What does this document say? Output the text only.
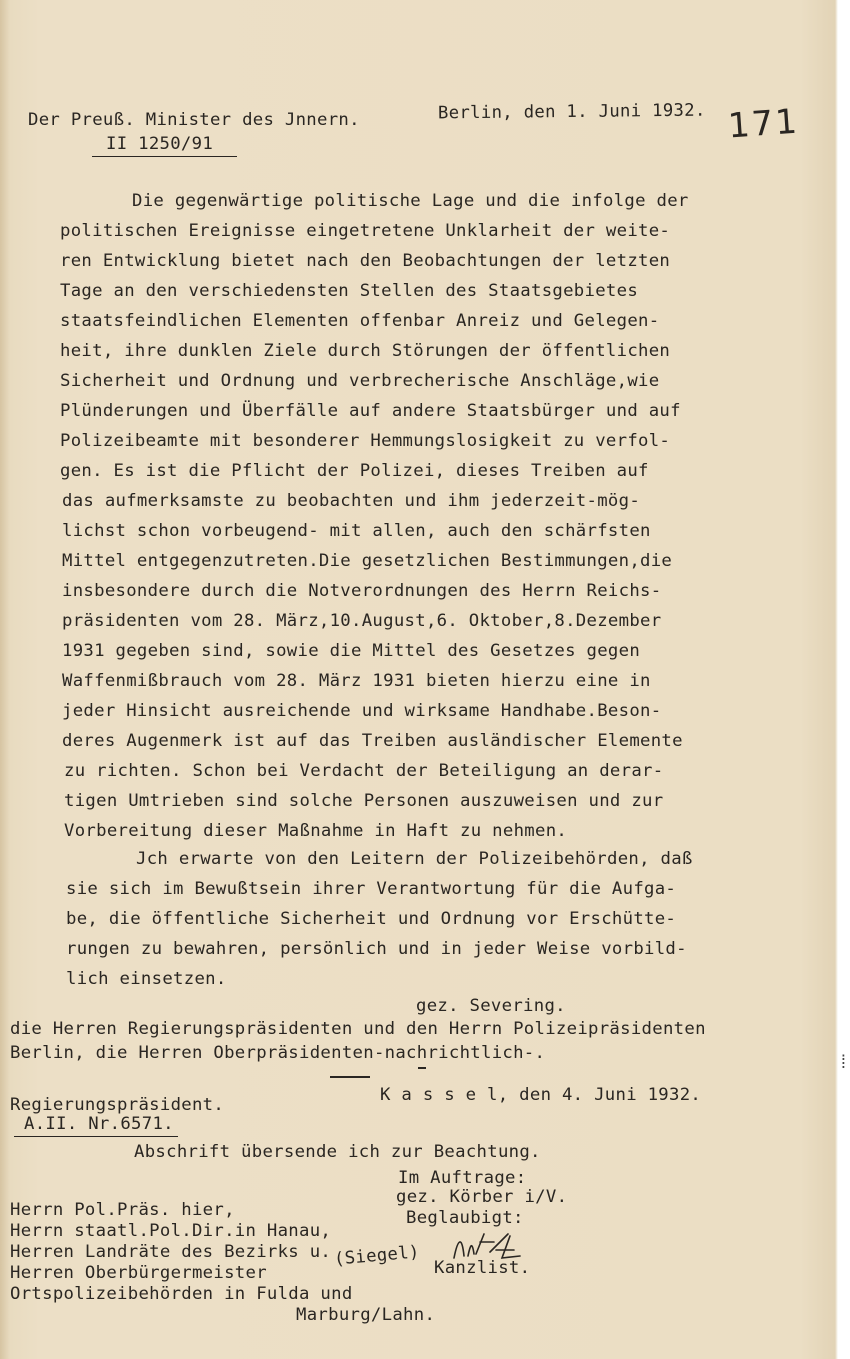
Der Preuß. Minister des Jnnern.	Berlin, den 1. Juni 1932. 171
II 1250/91
Die gegenwärtige politische Lage und die infolge der
politischen Ereignisse eingetretene Unklarheit der weite-
ren Entwicklung bietet nach den Beobachtungen der letzten
Tage an den verschiedensten Stellen des Staatsgebietes
staatsfeindlichen Elementen offenbar Anreiz und Gelegen-
heit, ihre dunklen Ziele durch Störungen der öffentlichen
Sicherheit und Ordnung und verbrecherische Anschläge,wie
Plünderungen und Überfälle auf andere Staatsbürger und auf
Polizeibeamte mit besonderer Hemmungslosigkeit zu verfol-
gen. Es ist die Pflicht der Polizei, dieses Treiben auf
das aufmerksamste zu beobachten und ihm jederzeit-mög-
lichst schon vorbeugend- mit allen, auch den schärfsten
Mittel entgegenzutreten.Die gesetzlichen Bestimmungen,die
insbesondere durch die Notverordnungen des Herrn Reichs-
präsidenten vom 28. März,10.August,6. Oktober,8.Dezember
1931 gegeben sind, sowie die Mittel des Gesetzes gegen
Waffenmißbrauch vom 28. März 1931 bieten hierzu eine in
jeder Hinsicht ausreichende und wirksame Handhabe.Beson-
deres Augenmerk ist auf das Treiben ausländischer Elemente
zu richten. Schon bei Verdacht der Beteiligung an derar-
tigen Umtrieben sind solche Personen auszuweisen und zur
Vorbereitung dieser Maßnahme in Haft zu nehmen.
Jch erwarte von den Leitern der Polizeibehörden, daß
sie sich im Bewußtsein ihrer Verantwortung für die Aufga-
be, die öffentliche Sicherheit und Ordnung vor Erschütte-
rungen zu bewahren, persönlich und in jeder Weise vorbild-
lich einsetzen.
gez. Severing.
die Herren Regierungspräsidenten und den Herrn Polizeipräsidenten
Berlin, die Herren Oberpräsidenten-nachrichtlich-.
Regierungspräsident.	K a s s e l, den 4. Juni 1932.
A.II. Nr.6571.
Abschrift übersende ich zur Beachtung.
Im Auftrage:
gez. Körber i/V.
Beglaubigt:
(Siegel) Kanzlist.
Herrn Pol.Präs. hier,
Herrn staatl.Pol.Dir.in Hanau,
Herren Landräte des Bezirks u.
Herren Oberbürgermeister
Ortspolizeibehörden in Fulda und
Marburg/Lahn.
⁞
